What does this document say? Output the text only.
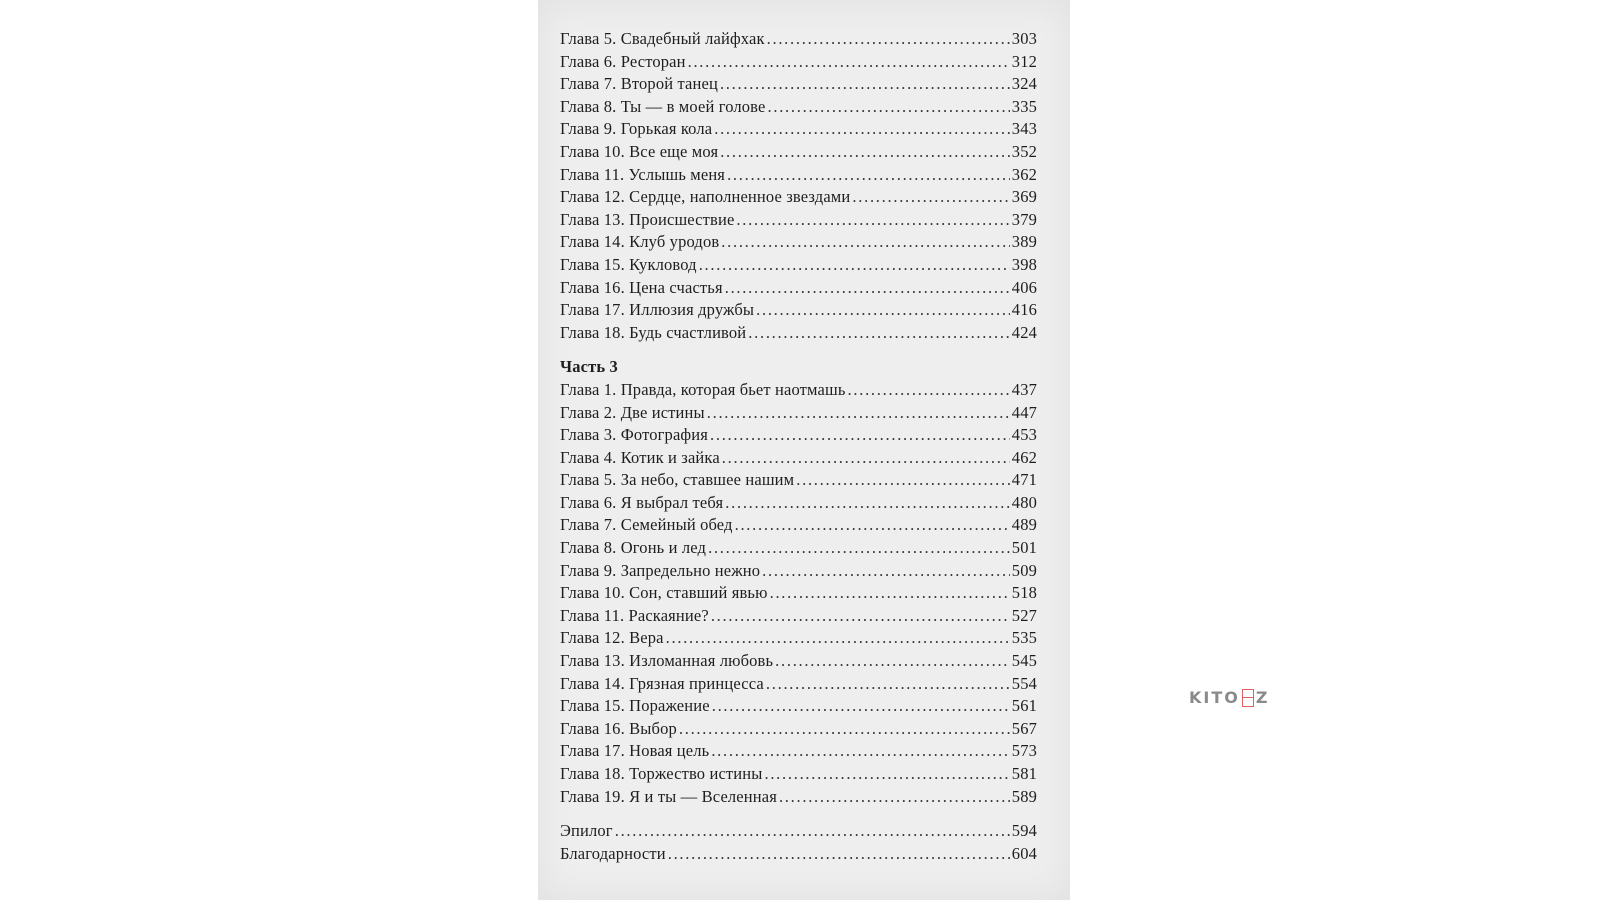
Глава 5. Свадебный лайфхак . . .	303
Глава 6. Ресторан . . .	312
Глава 7. Второй танец . . .	324
Глава 8. Ты — в моей голове . . .	335
Глава 9. Горькая кола . . .	343
Глава 10. Все еще моя . . .	352
Глава 11. Услышь меня . . .	362
Глава 12. Сердце, наполненное звездами . . .	369
Глава 13. Происшествие . . .	379
Глава 14. Клуб уродов . . .	389
Глава 15. Кукловод . . .	398
Глава 16. Цена счастья . . .	406
Глава 17. Иллюзия дружбы . . .	416
Глава 18. Будь счастливой . . .	424
Часть 3
Глава 1. Правда, которая бьет наотмашь . . .	437
Глава 2. Две истины . . .	447
Глава 3. Фотография . . .	453
Глава 4. Котик и зайка . . .	462
Глава 5. За небо, ставшее нашим . . .	471
Глава 6. Я выбрал тебя . . .	480
Глава 7. Семейный обед . . .	489
Глава 8. Огонь и лед . . .	501
Глава 9. Запредельно нежно . . .	509
Глава 10. Сон, ставший явью . . .	518
Глава 11. Раскаяние? . . .	527
Глава 12. Вера . . .	535
Глава 13. Изломанная любовь . . .	545
Глава 14. Грязная принцесса . . .	554
Глава 15. Поражение . . .	561
Глава 16. Выбор . . .	567
Глава 17. Новая цель . . .	573
Глава 18. Торжество истины . . .	581
Глава 19. Я и ты — Вселенная . . .	589
Эпилог . . .	594
Благодарности . . .	604
KITO Z
